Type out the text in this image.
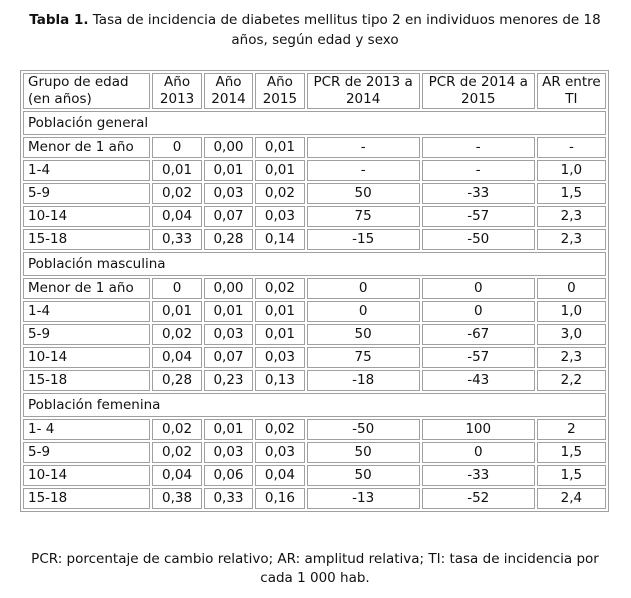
Tabla 1. Tasa de incidencia de diabetes mellitus tipo 2 en individuos menores de 18 años, según edad y sexo
Grupo de edad (en años)	Año 2013	Año 2014	Año 2015	PCR de 2013 a 2014	PCR de 2014 a 2015	AR entre TI
Población general						
Menor de 1 año	0	0,00	0,01	-	-	-
1-4	0,01	0,01	0,01	-	-	1,0
5-9	0,02	0,03	0,02	50	-33	1,5
10-14	0,04	0,07	0,03	75	-57	2,3
15-18	0,33	0,28	0,14	-15	-50	2,3
Población masculina						
Menor de 1 año	0	0,00	0,02	0	0	0
1-4	0,01	0,01	0,01	0	0	1,0
5-9	0,02	0,03	0,01	50	-67	3,0
10-14	0,04	0,07	0,03	75	-57	2,3
15-18	0,28	0,23	0,13	-18	-43	2,2
Población femenina						
1- 4	0,02	0,01	0,02	-50	100	2
5-9	0,02	0,03	0,03	50	0	1,5
10-14	0,04	0,06	0,04	50	-33	1,5
15-18	0,38	0,33	0,16	-13	-52	2,4
PCR: porcentaje de cambio relativo; AR: amplitud relativa; TI: tasa de incidencia por cada 1 000 hab.
